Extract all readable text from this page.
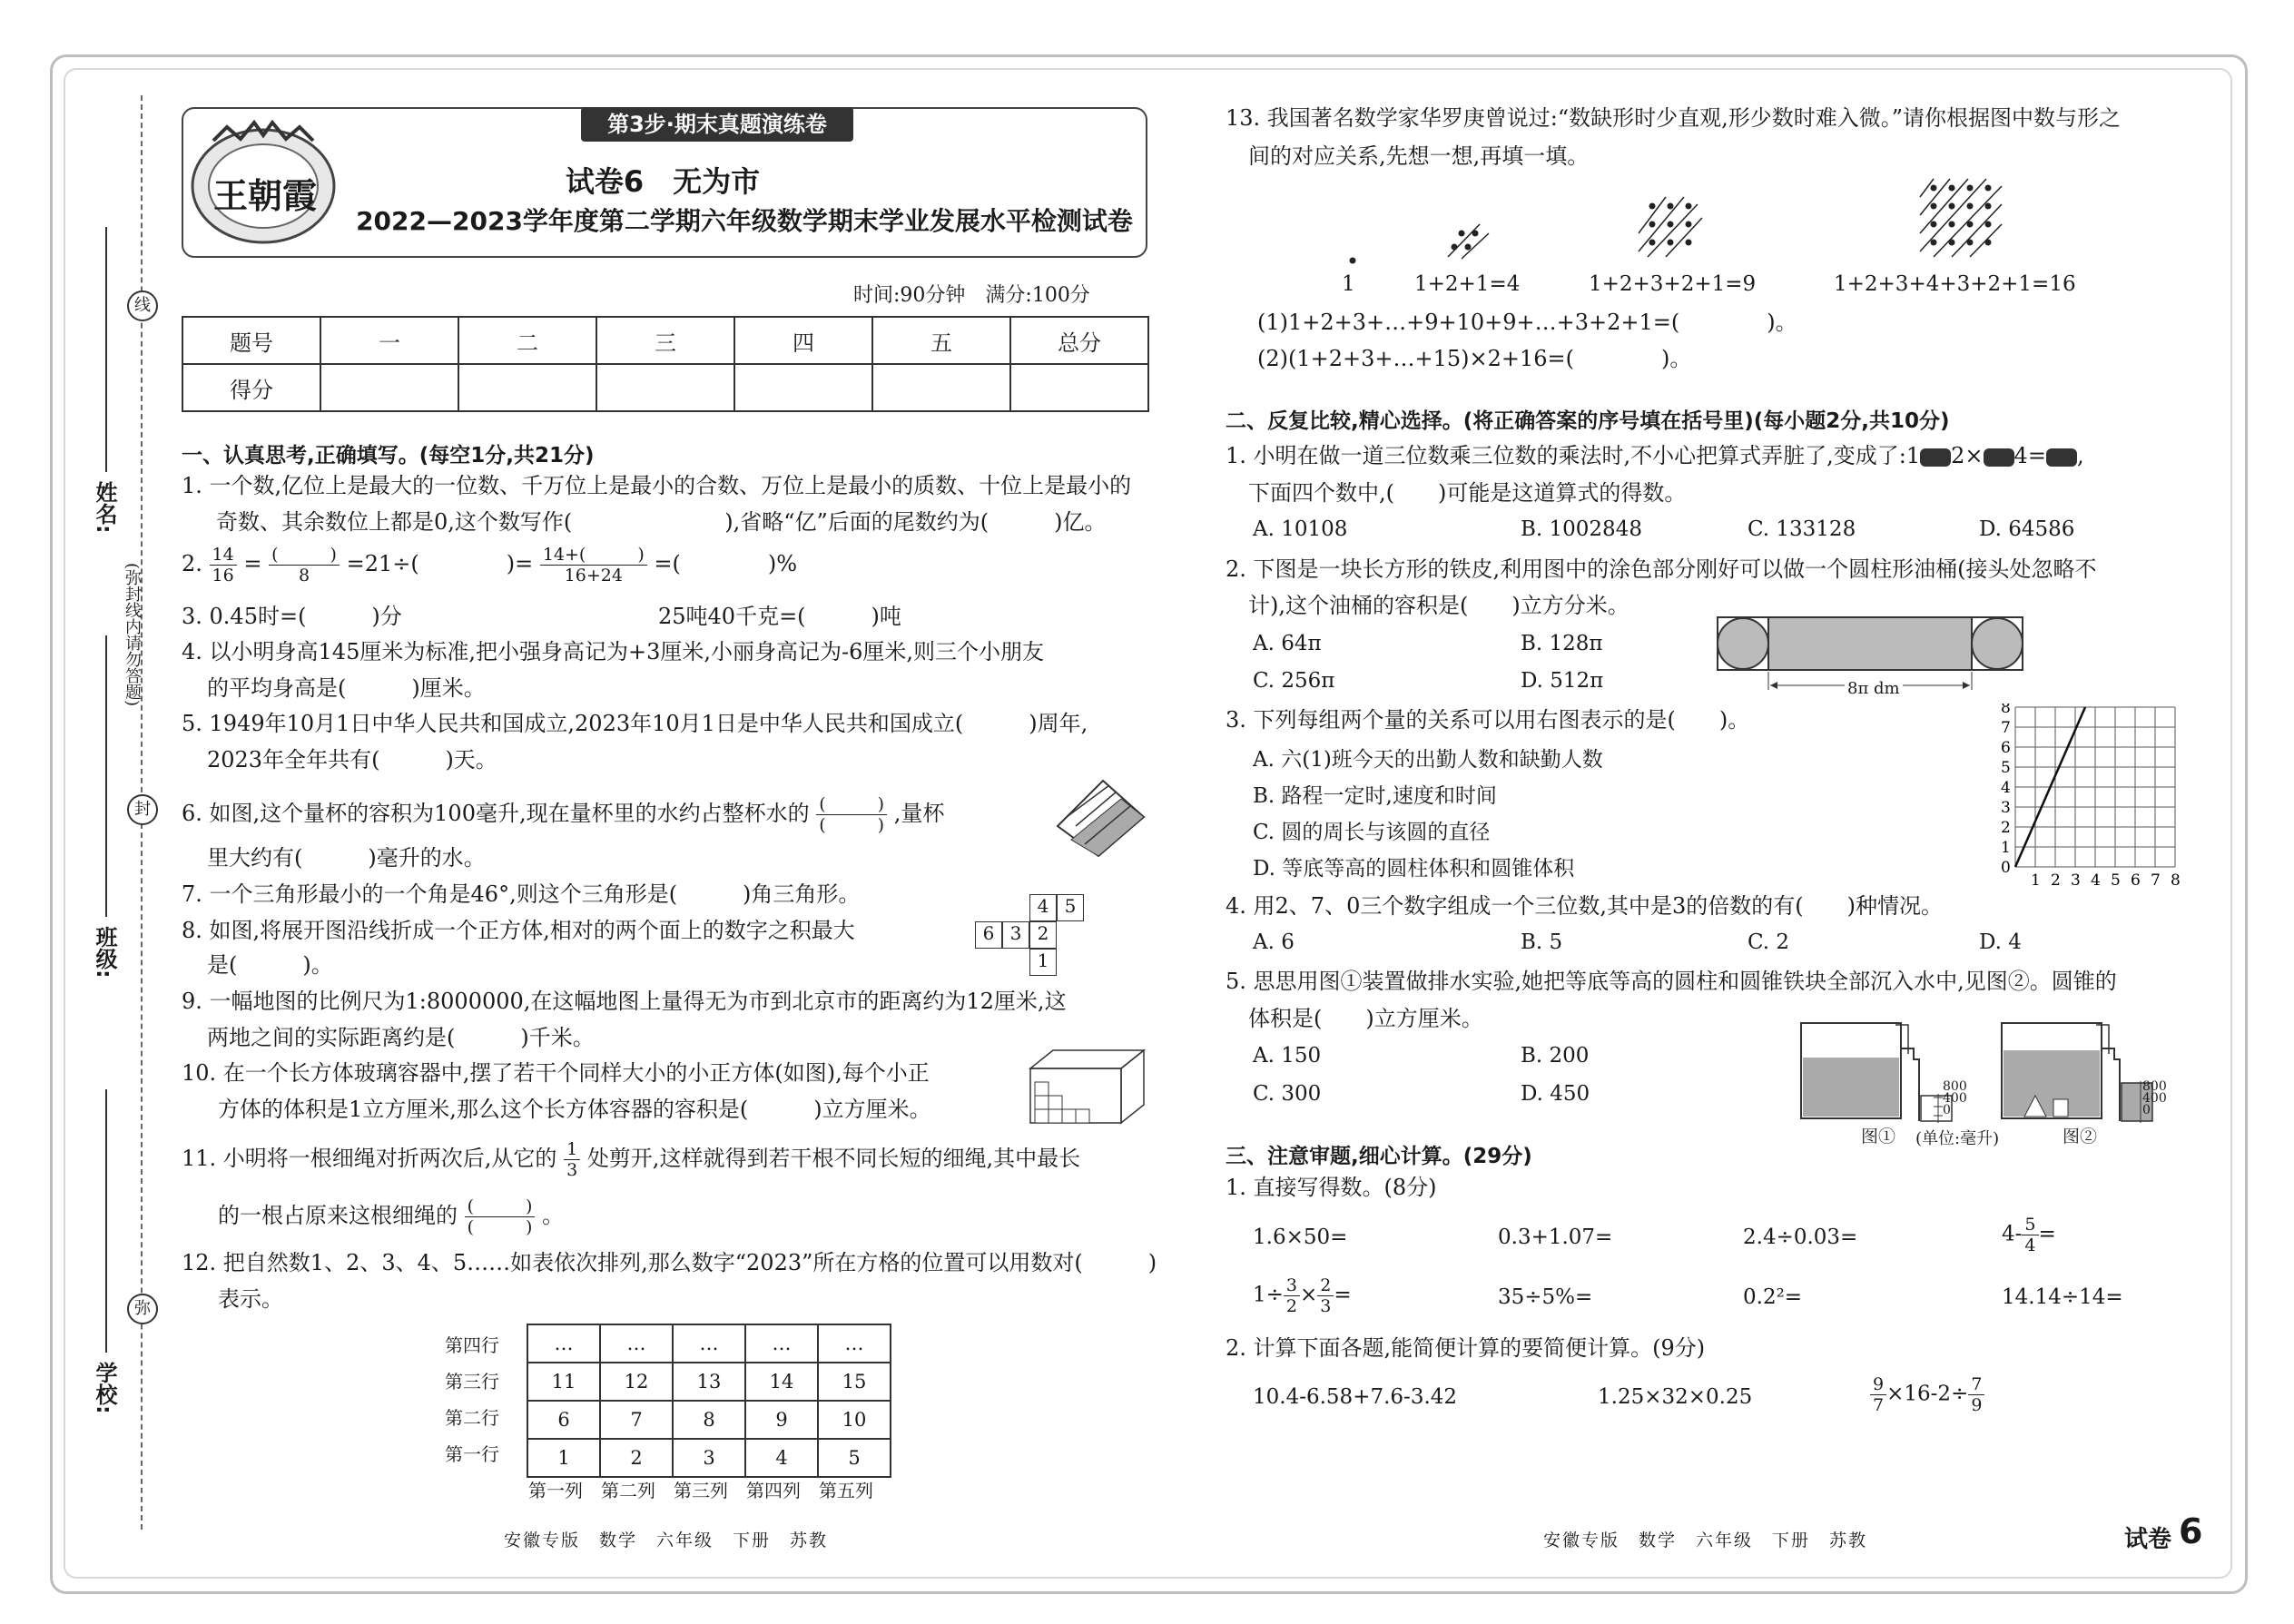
线
封
弥
(弥封线内请勿答题)
姓名:
班级:
学校:
王朝霞
第3步·期末真题演练卷
试卷6　无为市
2022—2023学年度第二学期六年级数学期末学业发展水平检测试卷
时间:90分钟　满分:100分
题号	一	二	三	四	五	总分
得分						
一、认真思考,正确填写。(每空1分,共21分)
1. 一个数,亿位上是最大的一位数、千万位上是最小的合数、万位上是最小的质数、十位上是最小的
奇数、其余数位上都是0,这个数写作(　　　　　　　),省略“亿”后面的尾数约为(　　　)亿。
2. $\frac{14}{16} = \frac{( )}{8} =21\div$(　　　　)= $\frac{14+( )}{16+24}$ =(　　　　)%
3. 0.45时=(　　　)分	25吨40千克=(　　　)吨
4. 以小明身高145厘米为标准,把小强身高记为+3厘米,小丽身高记为-6厘米,则三个小朋友
的平均身高是(　　　)厘米。
5. 1949年10月1日中华人民共和国成立,2023年10月1日是中华人民共和国成立(　　　)周年,
2023年全年共有(　　　)天。
6. 如图,这个量杯的容积为100毫升,现在量杯里的水约占整杯水的 $\frac{( )}{( )}$ ,量杯
里大约有(　　　)毫升的水。
7. 一个三角形最小的一个角是46°,则这个三角形是(　　　)角三角形。
8. 如图,将展开图沿线折成一个正方体,相对的两个面上的数字之积最大
是(　　　)。
4 5
6 3 2
1
9. 一幅地图的比例尺为1:8000000,在这幅地图上量得无为市到北京市的距离约为12厘米,这
两地之间的实际距离约是(　　　)千米。
10. 在一个长方体玻璃容器中,摆了若干个同样大小的小正方体(如图),每个小正
方体的体积是1立方厘米,那么这个长方体容器的容积是(　　　)立方厘米。
11. 小明将一根细绳对折两次后,从它的 $\frac{1}{3}$ 处剪开,这样就得到若干根不同长短的细绳,其中最长
的一根占原来这根细绳的 $\frac{( )}{( )}$ 。
12. 把自然数1、2、3、4、5……如表依次排列,那么数字“2023”所在方格的位置可以用数对(　　　)
表示。
第四行
第三行
第二行
第一行
…	…	…	…	…
11	12	13	14	15
6	7	8	9	10
1	2	3	4	5
第一列 第二列 第三列 第四列 第五列
安徽专版　数学　六年级　下册　苏教
13. 我国著名数学家华罗庚曾说过:“数缺形时少直观,形少数时难入微。”请你根据图中数与形之
间的对应关系,先想一想,再填一填。
1	1+2+1=4	1+2+3+2+1=9	1+2+3+4+3+2+1=16
(1)1+2+3+…+9+10+9+…+3+2+1=(　　　　)。
(2)(1+2+3+…+15)×2+16=(　　　　)。
二、反复比较,精心选择。(将正确答案的序号填在括号里)(每小题2分,共10分)
1. 小明在做一道三位数乘三位数的乘法时,不小心把算式弄脏了,变成了:1 2× 4= ,
下面四个数中,(　　)可能是这道算式的得数。
A. 10108	B. 1002848	C. 133128	D. 64586
2. 下图是一块长方形的铁皮,利用图中的涂色部分刚好可以做一个圆柱形油桶(接头处忽略不
计),这个油桶的容积是(　　)立方分米。
A. 64π	B. 128π
C. 256π	D. 512π	8π dm
3. 下列每组两个量的关系可以用右图表示的是(　　)。
A. 六(1)班今天的出勤人数和缺勤人数
B. 路程一定时,速度和时间
C. 圆的周长与该圆的直径
D. 等底等高的圆柱体积和圆锥体积
8
7
6
5
4
3
2
1
0
1 2 3 4 5 6 7 8
4. 用2、7、0三个数字组成一个三位数,其中是3的倍数的有(　　)种情况。
A. 6	B. 5	C. 2	D. 4
5. 思思用图①装置做排水实验,她把等底等高的圆柱和圆锥铁块全部沉入水中,见图②。圆锥的
体积是(　　)立方厘米。
A. 150	B. 200
C. 300	D. 450	800
400
0
800
400
0
图① (单位:毫升)	图②
三、注意审题,细心计算。(29分)
1. 直接写得数。(8分)
1.6×50=	0.3+1.07=	2.4÷0.03=	$4- \frac{5}{4}$ =
$1\div \frac{3}{2} \times \frac{2}{3}$ =	35÷5%=	0.2²=	14.14÷14=
2. 计算下面各题,能简便计算的要简便计算。(9分)
10.4-6.58+7.6-3.42	1.25×32×0.25	$\frac{9}{7} \times 16-2\div \frac{7}{9}$
安徽专版　数学　六年级　下册　苏教	试卷 6
